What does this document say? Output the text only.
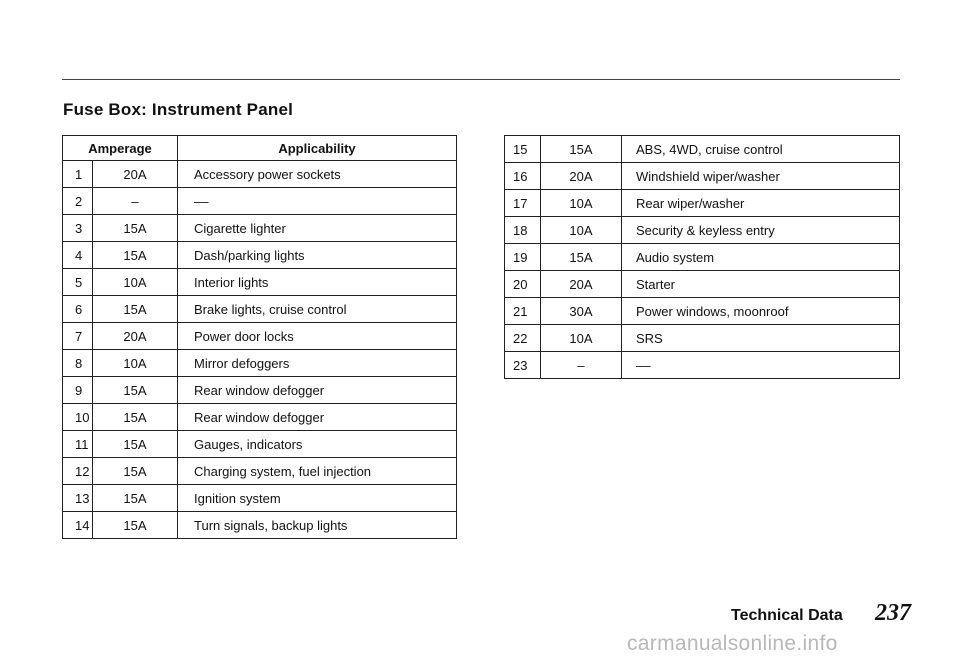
Fuse Box: Instrument Panel
Amperage		Applicability
1	20A	Accessory power sockets
2	–	––
3	15A	Cigarette lighter
4	15A	Dash/parking lights
5	10A	Interior lights
6	15A	Brake lights, cruise control
7	20A	Power door locks
8	10A	Mirror defoggers
9	15A	Rear window defogger
10	15A	Rear window defogger
11	15A	Gauges, indicators
12	15A	Charging system, fuel injection
13	15A	Ignition system
14	15A	Turn signals, backup lights
15	15A	ABS, 4WD, cruise control
16	20A	Windshield wiper/washer
17	10A	Rear wiper/washer
18	10A	Security & keyless entry
19	15A	Audio system
20	20A	Starter
21	30A	Power windows, moonroof
22	10A	SRS
23	–	––
Technical Data 237
carmanualsonline.info
